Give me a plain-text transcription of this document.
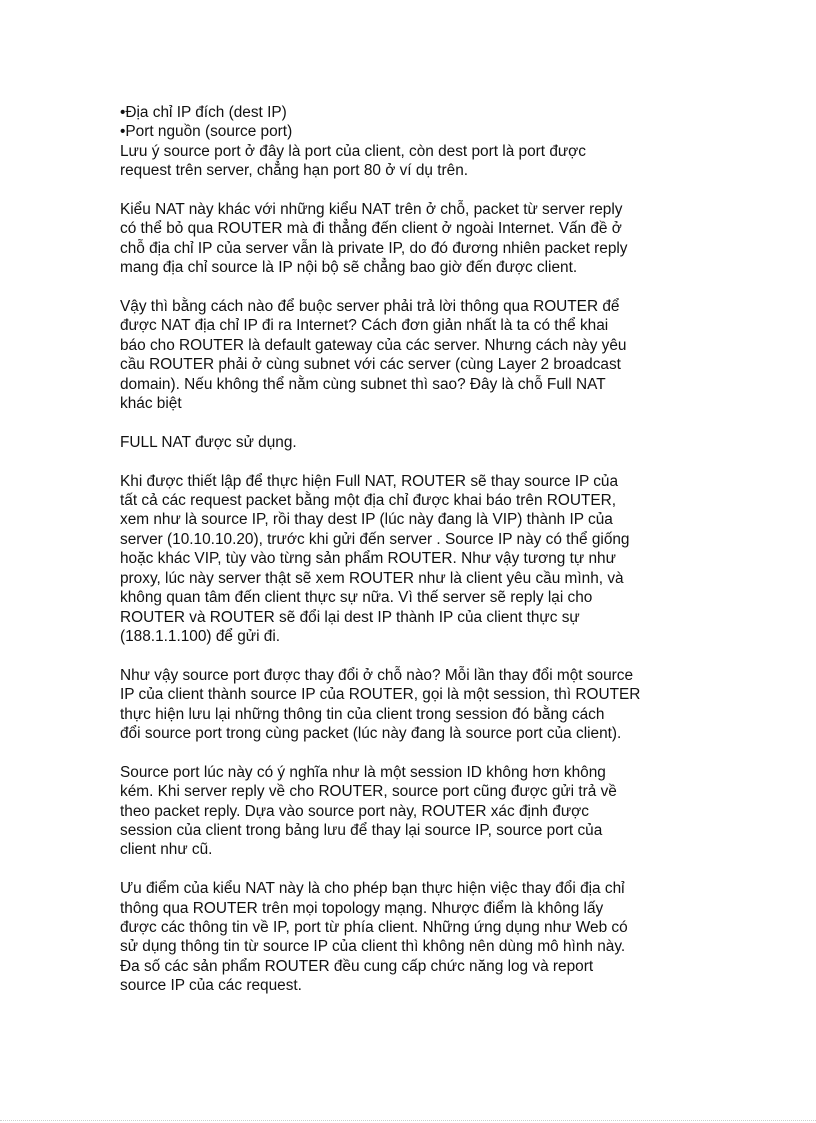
•Địa chỉ IP đích (dest IP)
•Port nguồn (source port)
Lưu ý source port ở đây là port của client, còn dest port là port được
request trên server, chẳng hạn port 80 ở ví dụ trên.
Kiểu NAT này khác với những kiểu NAT trên ở chỗ, packet từ server reply
có thể bỏ qua ROUTER mà đi thẳng đến client ở ngoài Internet. Vấn đề ở
chỗ địa chỉ IP của server vẫn là private IP, do đó đương nhiên packet reply
mang địa chỉ source là IP nội bộ sẽ chẳng bao giờ đến được client.
Vậy thì bằng cách nào để buộc server phải trả lời thông qua ROUTER để
được NAT địa chỉ IP đi ra Internet? Cách đơn giản nhất là ta có thể khai
báo cho ROUTER là default gateway của các server. Nhưng cách này yêu
cầu ROUTER phải ở cùng subnet với các server (cùng Layer 2 broadcast
domain). Nếu không thể nằm cùng subnet thì sao? Đây là chỗ Full NAT
khác biệt
FULL NAT được sử dụng.
Khi được thiết lập để thực hiện Full NAT, ROUTER sẽ thay source IP của
tất cả các request packet bằng một địa chỉ được khai báo trên ROUTER,
xem như là source IP, rồi thay dest IP (lúc này đang là VIP) thành IP của
server (10.10.10.20), trước khi gửi đến server . Source IP này có thể giống
hoặc khác VIP, tùy vào từng sản phẩm ROUTER. Như vậy tương tự như
proxy, lúc này server thật sẽ xem ROUTER như là client yêu cầu mình, và
không quan tâm đến client thực sự nữa. Vì thế server sẽ reply lại cho
ROUTER và ROUTER sẽ đổi lại dest IP thành IP của client thực sự
(188.1.1.100) để gửi đi.
Như vậy source port được thay đổi ở chỗ nào? Mỗi lần thay đổi một source
IP của client thành source IP của ROUTER, gọi là một session, thì ROUTER
thực hiện lưu lại những thông tin của client trong session đó bằng cách
đổi source port trong cùng packet (lúc này đang là source port của client).
Source port lúc này có ý nghĩa như là một session ID không hơn không
kém. Khi server reply về cho ROUTER, source port cũng được gửi trả về
theo packet reply. Dựa vào source port này, ROUTER xác định được
session của client trong bảng lưu để thay lại source IP, source port của
client như cũ.
Ưu điểm của kiểu NAT này là cho phép bạn thực hiện việc thay đổi địa chỉ
thông qua ROUTER trên mọi topology mạng. Nhược điểm là không lấy
được các thông tin về IP, port từ phía client. Những ứng dụng như Web có
sử dụng thông tin từ source IP của client thì không nên dùng mô hình này.
Đa số các sản phẩm ROUTER đều cung cấp chức năng log và report
source IP của các request.
